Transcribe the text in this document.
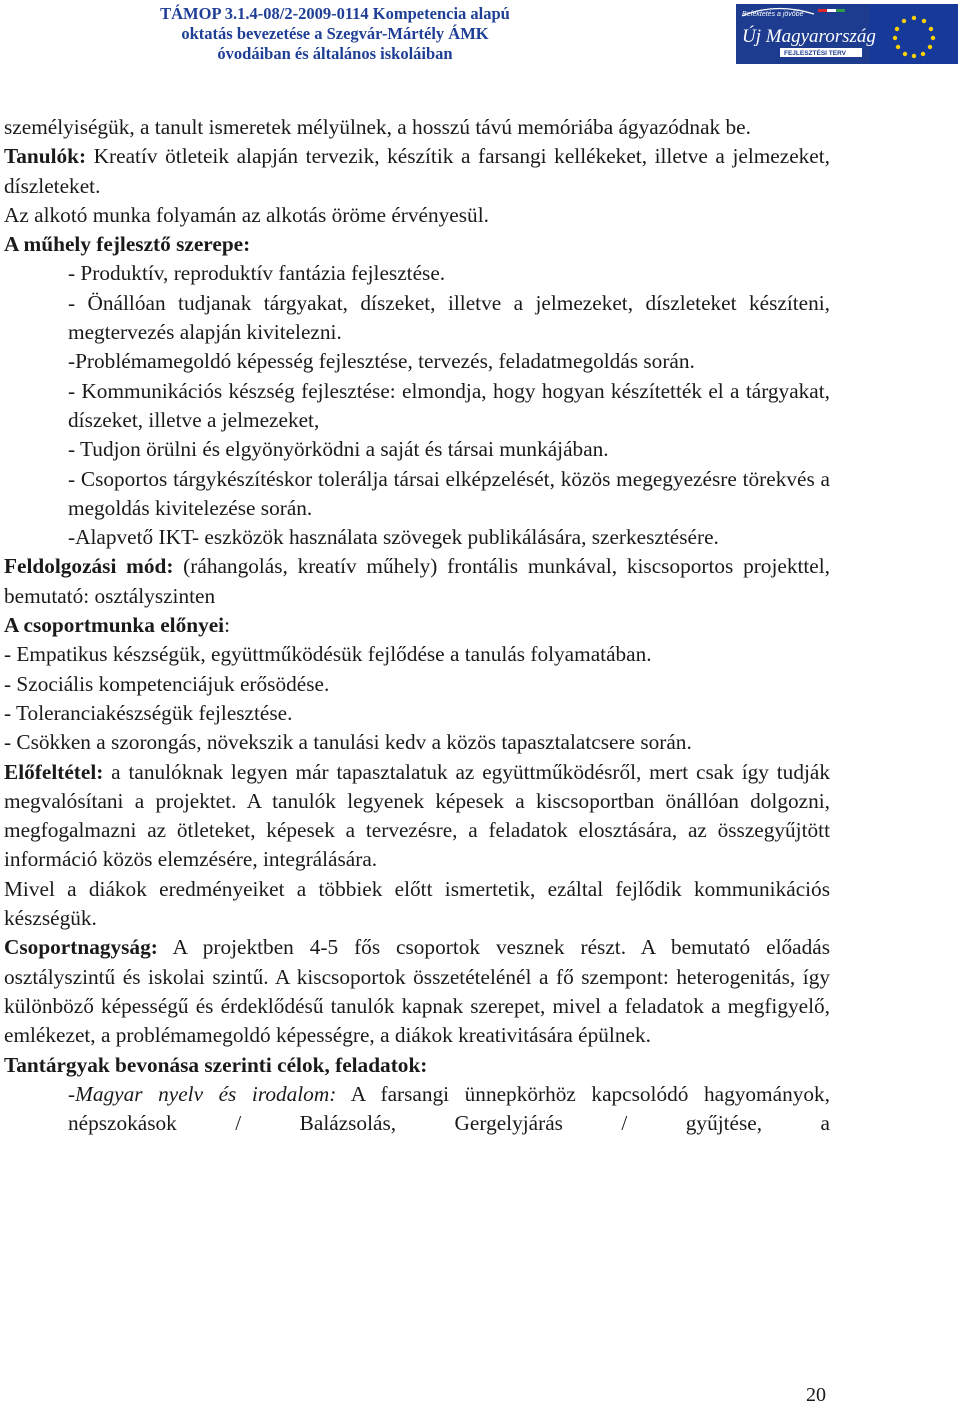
TÁMOP 3.1.4-08/2-2009-0114 Kompetencia alapú
oktatás bevezetése a Szegvár-Mártély ÁMK
óvodáiban és általános iskoláiban
Befektetés a jövőbe
Új Magyarország
FEJLESZTÉSI TERV

személyiségük, a tanult ismeretek mélyülnek, a hosszú távú memóriába ágyazódnak be.

Tanulók: Kreatív ötleteik alapján tervezik, készítik a farsangi kellékeket, illetve a jelmezeket, díszleteket.

Az alkotó munka folyamán az alkotás öröme érvényesül.

A műhely fejlesztő szerepe:

- Produktív, reproduktív fantázia fejlesztése.

- Önállóan tudjanak tárgyakat, díszeket, illetve a jelmezeket, díszleteket készíteni, megtervezés alapján kivitelezni.

-Problémamegoldó képesség fejlesztése, tervezés, feladatmegoldás során.

- Kommunikációs készség fejlesztése: elmondja, hogy hogyan készítették el a tárgyakat, díszeket, illetve a jelmezeket,

- Tudjon örülni és elgyönyörködni a saját és társai munkájában.

- Csoportos tárgykészítéskor tolerálja társai elképzelését, közös megegyezésre törekvés a megoldás kivitelezése során.

-Alapvető IKT- eszközök használata szövegek publikálására, szerkesztésére.

Feldolgozási mód: (ráhangolás, kreatív műhely) frontális munkával, kiscsoportos projekttel, bemutató: osztályszinten

A csoportmunka előnyei:

- Empatikus készségük, együttműködésük fejlődése a tanulás folyamatában.

- Szociális kompetenciájuk erősödése.

- Toleranciakészségük fejlesztése.

- Csökken a szorongás, növekszik a tanulási kedv a közös tapasztalatcsere során.

Előfeltétel: a tanulóknak legyen már tapasztalatuk az együttműködésről, mert csak így tudják megvalósítani a projektet. A tanulók legyenek képesek a kiscsoportban önállóan dolgozni, megfogalmazni az ötleteket, képesek a tervezésre, a feladatok elosztására, az összegyűjtött információ közös elemzésére, integrálására.

Mivel a diákok eredményeiket a többiek előtt ismertetik, ezáltal fejlődik kommunikációs készségük.

Csoportnagyság: A projektben 4-5 fős csoportok vesznek részt. A bemutató előadás osztályszintű és iskolai szintű. A kiscsoportok összetételénél a fő szempont: heterogenitás, így különböző képességű és érdeklődésű tanulók kapnak szerepet, mivel a feladatok a megfigyelő, emlékezet, a problémamegoldó képességre, a diákok kreativitására épülnek.

Tantárgyak bevonása szerinti célok, feladatok:

-Magyar nyelv és irodalom: A farsangi ünnepkörhöz kapcsolódó hagyományok, népszokások / Balázsolás, Gergelyjárás / gyűjtése, a

20
